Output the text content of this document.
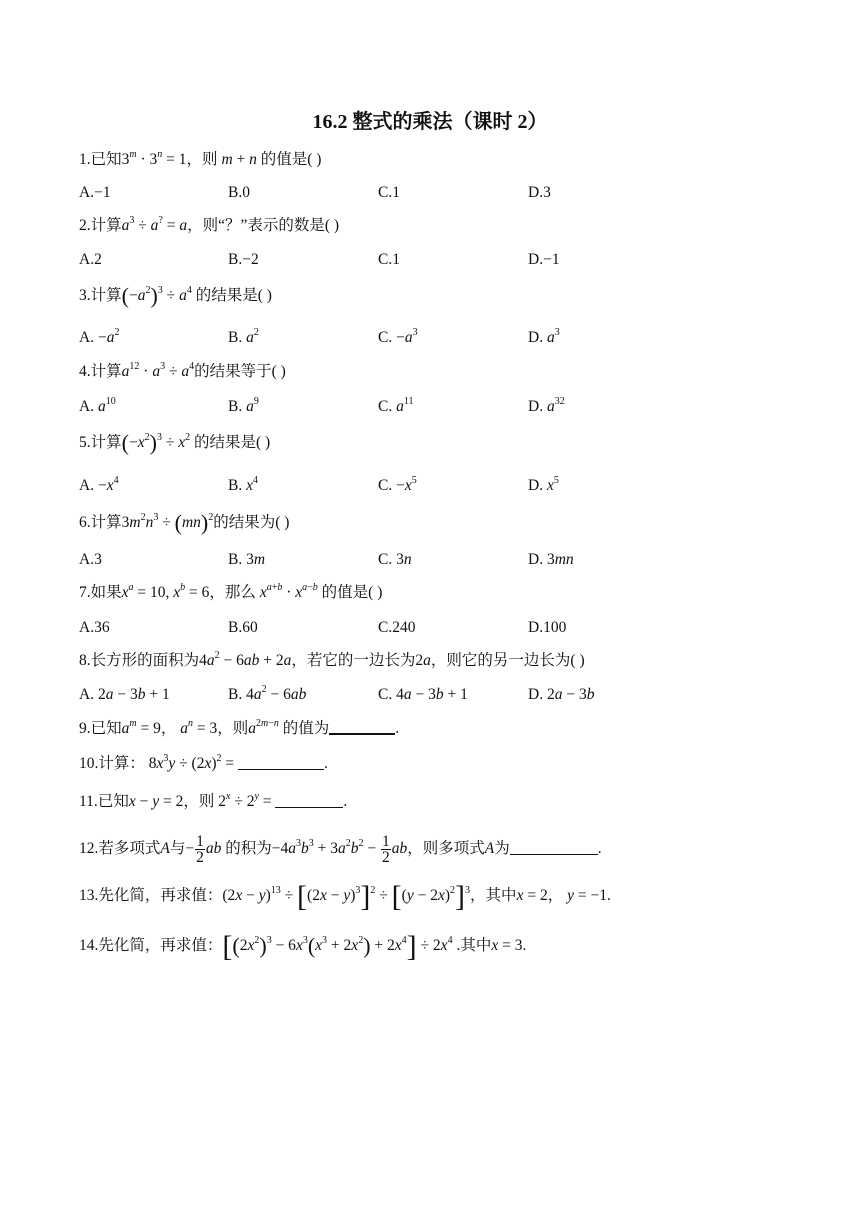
16.2 整式的乘法（课时 2）
1.已知$3^m \cdot 3^n = 1$，则 m + n 的值是( )
A.−1	B.0	C.1	D.3
2.计算$a^3 \div a^? = a$，则“？”表示的数是( )
A.2	B.−2	C.1	D.−1
3.计算$(-a^2)^3 \div a^4$ 的结果是( )
A. $-a^2$	B. $a^2$	C. $-a^3$	D. $a^3$
4.计算$a^{12} \cdot a^3 \div a^4$的结果等于( )
A. $a^{10}$	B. $a^9$	C. $a^{11}$	D. $a^{32}$
5.计算$(-x^2)^3 \div x^2$ 的结果是( )
A. $-x^4$	B. $x^4$	C. $-x^5$	D. $x^5$
6.计算$3m^2n^3 \div (mn)^2$的结果为( )
A.3	B. 3m	C. 3n	D. 3mn
7.如果$x^a = 10$, $x^b = 6$，那么 $x^{a+b} \cdot x^{a-b}$ 的值是( )
A.36	B.60	C.240	D.100
8.长方形的面积为$4a^2 - 6ab + 2a$，若它的一边长为2a，则它的另一边长为( )
A. 2a − 3b + 1	B. $4a^2 - 6ab$	C. 4a − 3b + 1	D. 2a − 3b
9.已知$a^m = 9$， $a^n = 3$，则$a^{2m-n}$ 的值为	.
10.计算： $8x^3y \div (2x)^2$ =	.
11.已知x − y = 2，则 $2^x \div 2^y$ =	.
12.若多项式A与− $\frac{1}{2}$ ab 的积为$-4a^3b^3 + 3a^2b^2 - \frac{1}{2}$ ab，则多项式A为	.
13.先化简，再求值：$(2x - y)^{13} \div [(2x - y)^3]^2 \div [(y - 2x)^2]^3$，其中x = 2， y = −1.
14.先化简，再求值：$[(2x^2)^3 - 6x^3(x^3 + 2x^2) + 2x^4] \div 2x^4$ .其中x = 3.
